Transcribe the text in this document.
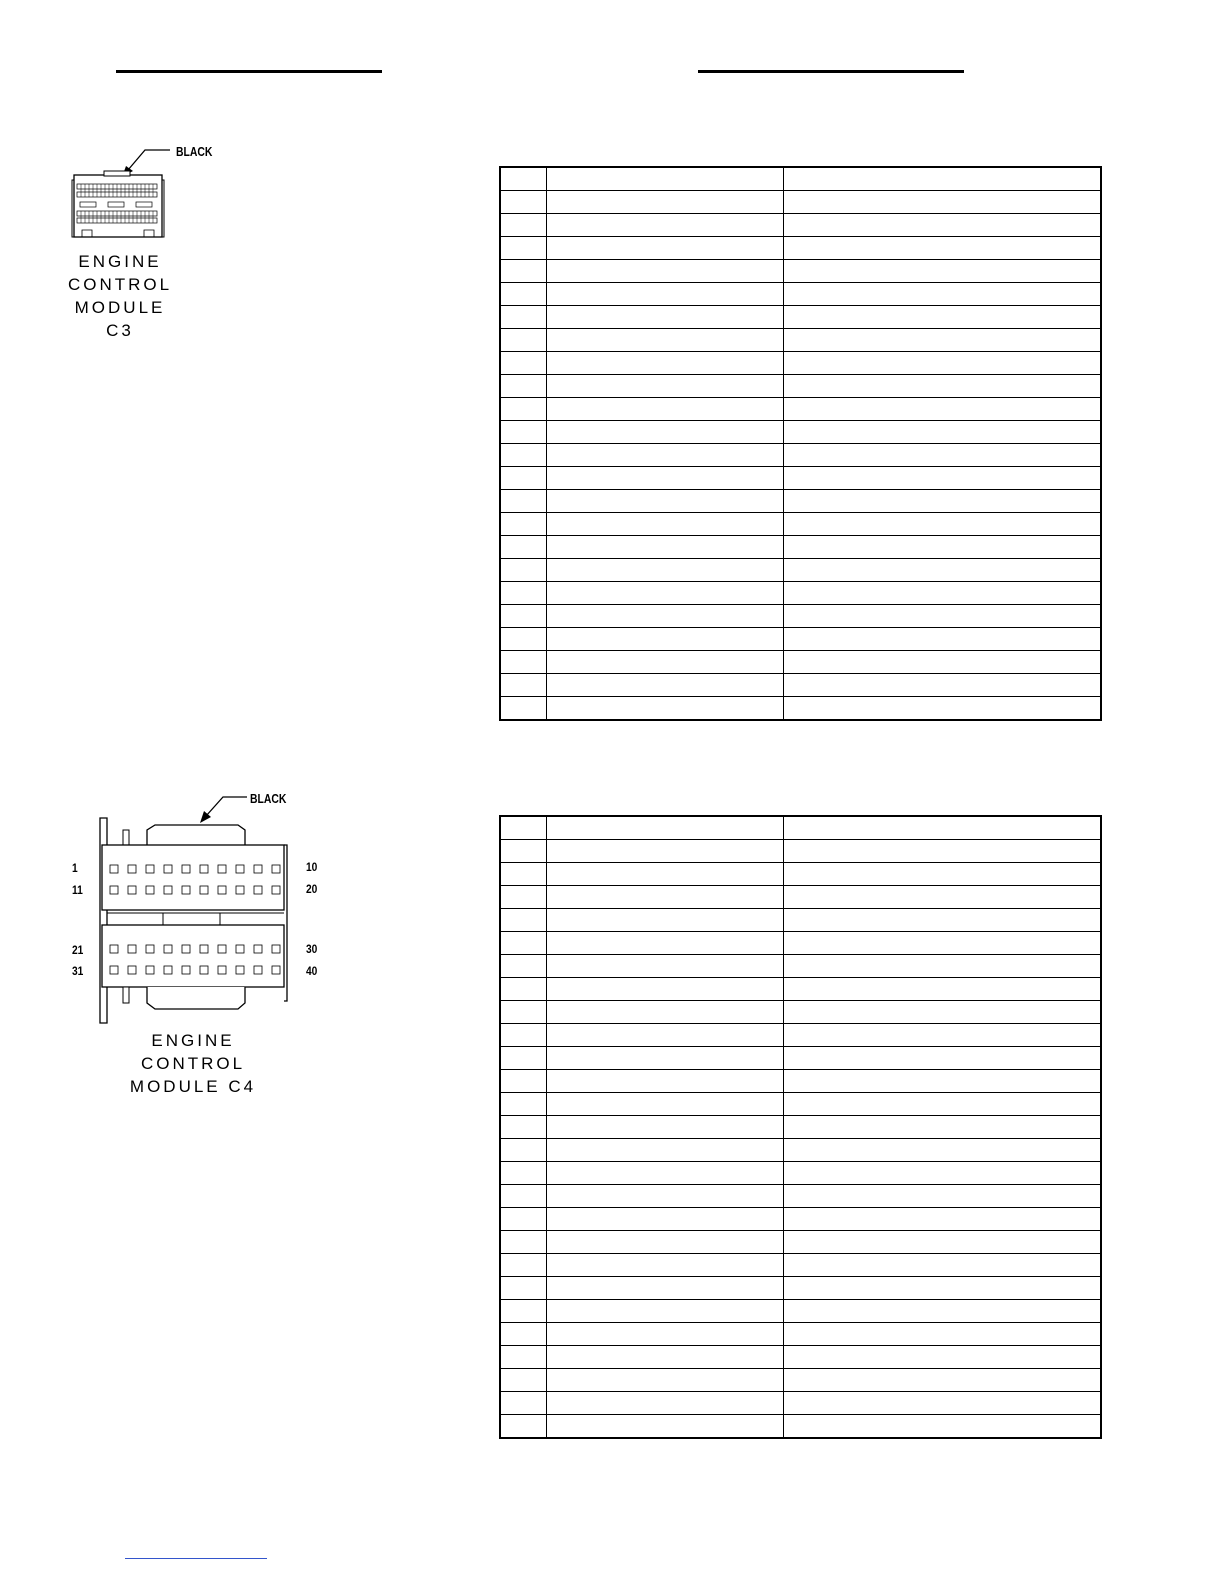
BLACK
ENGINE
CONTROL
MODULE
C3

BLACK
1
11
21
31
10
20
30
40
ENGINE
CONTROL
MODULE C4
